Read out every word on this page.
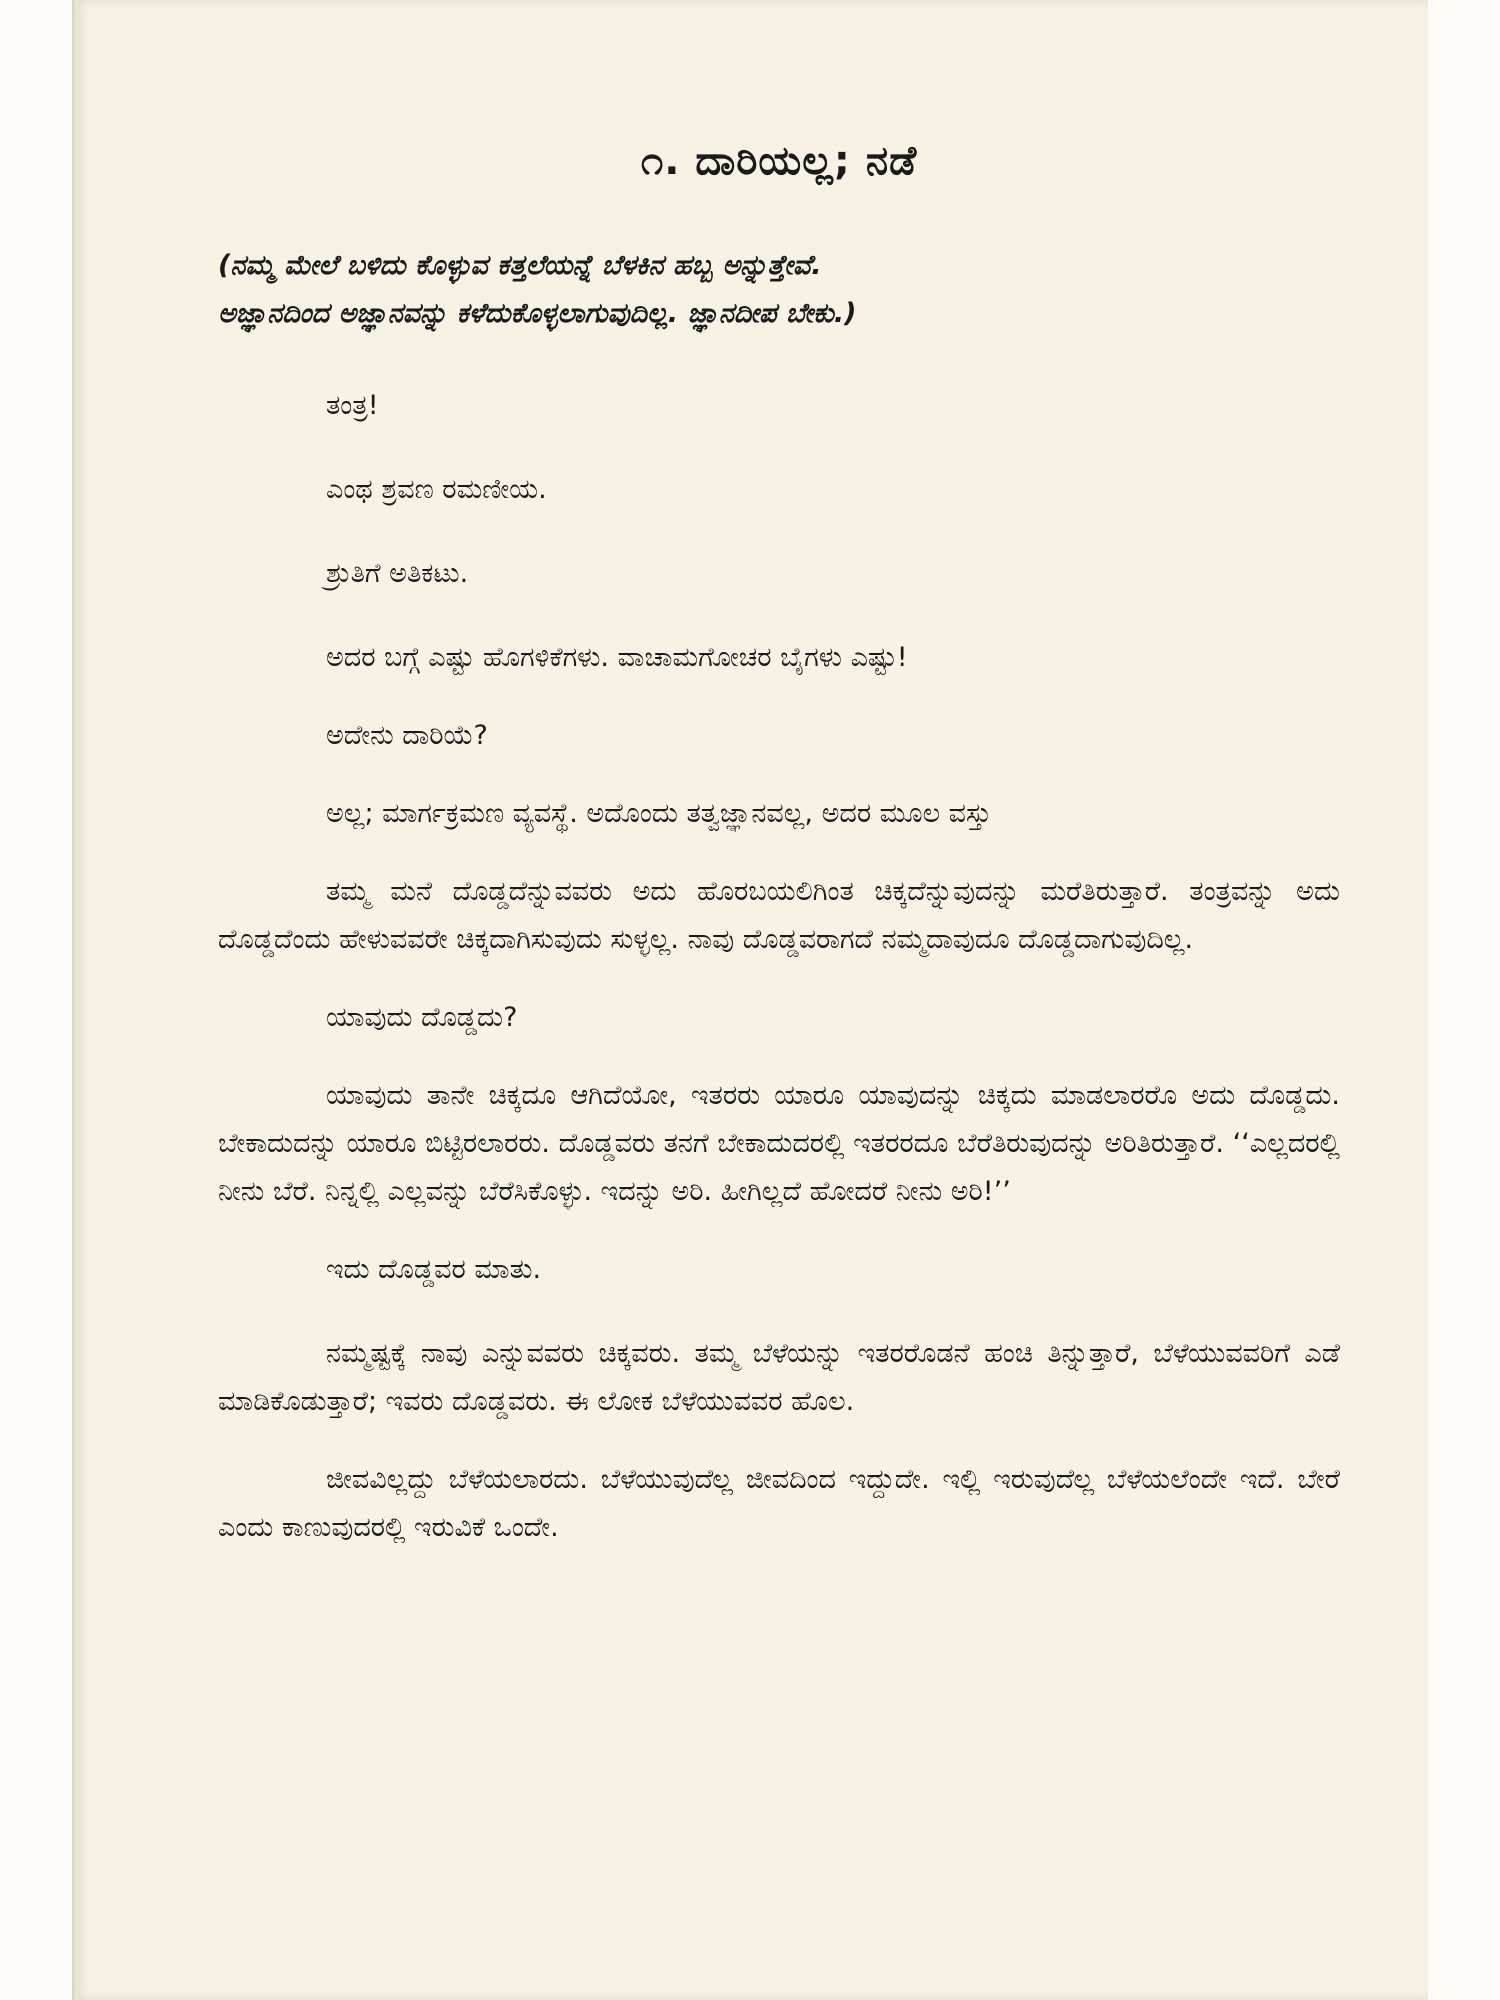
೧. ದಾರಿಯಲ್ಲ; ನಡೆ
(ನಮ್ಮ ಮೇಲೆ ಬಳಿದು ಕೊಳ್ಳುವ ಕತ್ತಲೆಯನ್ನೆ ಬೆಳಕಿನ ಹಬ್ಬ ಅನ್ನುತ್ತೇವೆ. ಅಜ್ಞಾನದಿಂದ ಅಜ್ಞಾನವನ್ನು ಕಳೆದುಕೊಳ್ಳಲಾಗುವುದಿಲ್ಲ. ಜ್ಞಾನದೀಪ ಬೇಕು.)
ತಂತ್ರ!
ಎಂಥ ಶ್ರವಣ ರಮಣೀಯ.
ಶ್ರುತಿಗೆ ಅತಿಕಟು.
ಅದರ ಬಗ್ಗೆ ಎಷ್ಟು ಹೊಗಳಿಕೆಗಳು. ವಾಚಾಮಗೋಚರ ಬೈಗಳು ಎಷ್ಟು!
ಅದೇನು ದಾರಿಯೆ?
ಅಲ್ಲ; ಮಾರ್ಗಕ್ರಮಣ ವ್ಯವಸ್ಥೆ. ಅದೊಂದು ತತ್ವಜ್ಞಾನವಲ್ಲ, ಅದರ ಮೂಲ ವಸ್ತು
ತಮ್ಮ ಮನೆ ದೊಡ್ಡದೆನ್ನುವವರು ಅದು ಹೊರಬಯಲಿಗಿಂತ ಚಿಕ್ಕದೆನ್ನುವುದನ್ನು ಮರೆತಿರುತ್ತಾರೆ. ತಂತ್ರವನ್ನು ಅದು ದೊಡ್ಡದೆಂದು ಹೇಳುವವರೇ ಚಿಕ್ಕದಾಗಿಸುವುದು ಸುಳ್ಳಲ್ಲ. ನಾವು ದೊಡ್ಡವರಾಗದೆ ನಮ್ಮದಾವುದೂ ದೊಡ್ಡದಾಗುವುದಿಲ್ಲ.
ಯಾವುದು ದೊಡ್ಡದು?
ಯಾವುದು ತಾನೇ ಚಿಕ್ಕದೂ ಆಗಿದೆಯೋ, ಇತರರು ಯಾರೂ ಯಾವುದನ್ನು ಚಿಕ್ಕದು ಮಾಡಲಾರರೊ ಅದು ದೊಡ್ಡದು. ಬೇಕಾದುದನ್ನು ಯಾರೂ ಬಿಟ್ಟಿರಲಾರರು. ದೊಡ್ಡವರು ತನಗೆ ಬೇಕಾದುದರಲ್ಲಿ ಇತರರದೂ ಬೆರೆತಿರುವುದನ್ನು ಅರಿತಿರುತ್ತಾರೆ. ‘‘ಎಲ್ಲದರಲ್ಲಿ ನೀನು ಬೆರೆ. ನಿನ್ನಲ್ಲಿ ಎಲ್ಲವನ್ನು ಬೆರೆಸಿಕೊಳ್ಳು. ಇದನ್ನು ಅರಿ. ಹೀಗಿಲ್ಲದೆ ಹೋದರೆ ನೀನು ಅರಿ!’’
ಇದು ದೊಡ್ಡವರ ಮಾತು.
ನಮ್ಮಷ್ಟಕ್ಕೆ ನಾವು ಎನ್ನುವವರು ಚಿಕ್ಕವರು. ತಮ್ಮ ಬೆಳೆಯನ್ನು ಇತರರೊಡನೆ ಹಂಚಿ ತಿನ್ನುತ್ತಾರೆ, ಬೆಳೆಯುವವರಿಗೆ ಎಡೆ ಮಾಡಿಕೊಡುತ್ತಾರೆ; ಇವರು ದೊಡ್ಡವರು. ಈ ಲೋಕ ಬೆಳೆಯುವವರ ಹೊಲ.
ಜೀವವಿಲ್ಲದ್ದು ಬೆಳೆಯಲಾರದು. ಬೆಳೆಯುವುದೆಲ್ಲ ಜೀವದಿಂದ ಇದ್ದುದೇ. ಇಲ್ಲಿ ಇರುವುದೆಲ್ಲ ಬೆಳೆಯಲೆಂದೇ ಇದೆ. ಬೇರೆ ಎಂದು ಕಾಣುವುದರಲ್ಲಿ ಇರುವಿಕೆ ಒಂದೇ.
